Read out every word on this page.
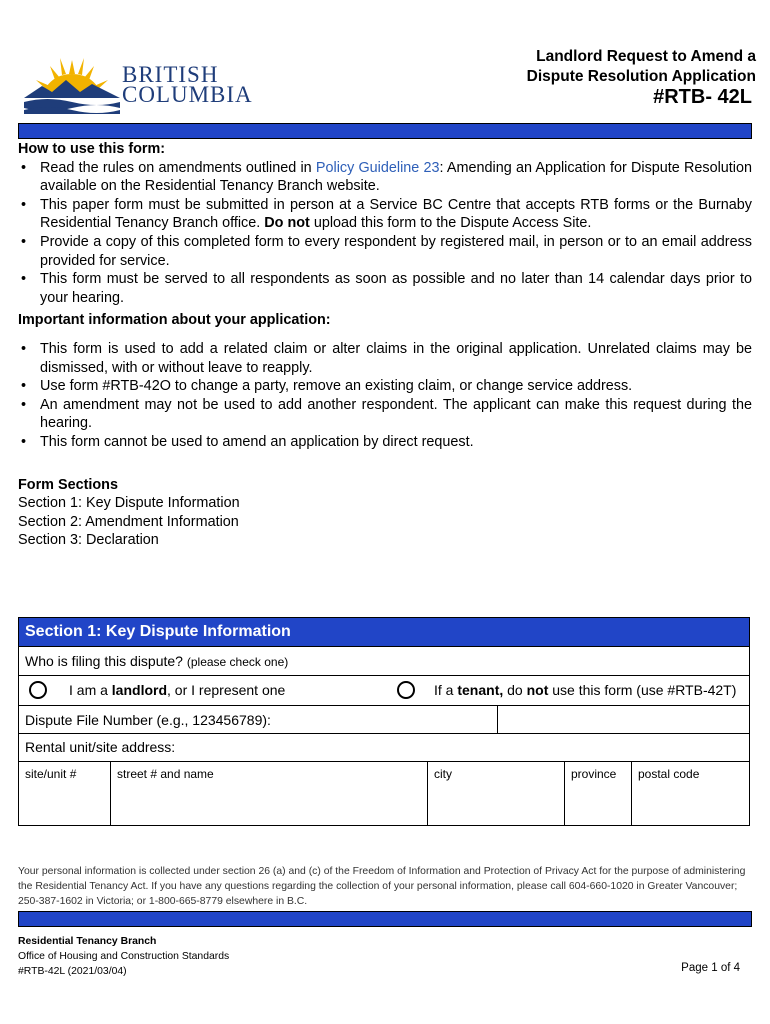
BRITISH
COLUMBIA
Landlord Request to Amend a
Dispute Resolution Application
#RTB- 42L
How to use this form:
• Read the rules on amendments outlined in Policy Guideline 23: Amending an Application for Dispute Resolution available on the Residential Tenancy Branch website.
• This paper form must be submitted in person at a Service BC Centre that accepts RTB forms or the Burnaby Residential Tenancy Branch office. Do not upload this form to the Dispute Access Site.
• Provide a copy of this completed form to every respondent by registered mail, in person or to an email address provided for service.
• This form must be served to all respondents as soon as possible and no later than 14 calendar days prior to your hearing.
Important information about your application:
• This form is used to add a related claim or alter claims in the original application. Unrelated claims may be dismissed, with or without leave to reapply.
• Use form #RTB-42O to change a party, remove an existing claim, or change service address.
• An amendment may not be used to add another respondent. The applicant can make this request during the hearing.
• This form cannot be used to amend an application by direct request.
Form Sections
Section 1: Key Dispute Information
Section 2: Amendment Information
Section 3: Declaration
Section 1: Key Dispute Information
Who is filing this dispute? (please check one)
I am a landlord, or I represent one	If a tenant, do not use this form (use #RTB-42T)
Dispute File Number (e.g., 123456789):
Rental unit/site address:
site/unit #	street # and name	city	province postal code
Your personal information is collected under section 26 (a) and (c) of the Freedom of Information and Protection of Privacy Act for the purpose of administering the Residential Tenancy Act. If you have any questions regarding the collection of your personal information, please call 604-660-1020 in Greater Vancouver; 250-387-1602 in Victoria; or 1-800-665-8779 elsewhere in B.C.
Residential Tenancy Branch
Office of Housing and Construction Standards
#RTB-42L (2021/03/04)	Page 1 of 4
